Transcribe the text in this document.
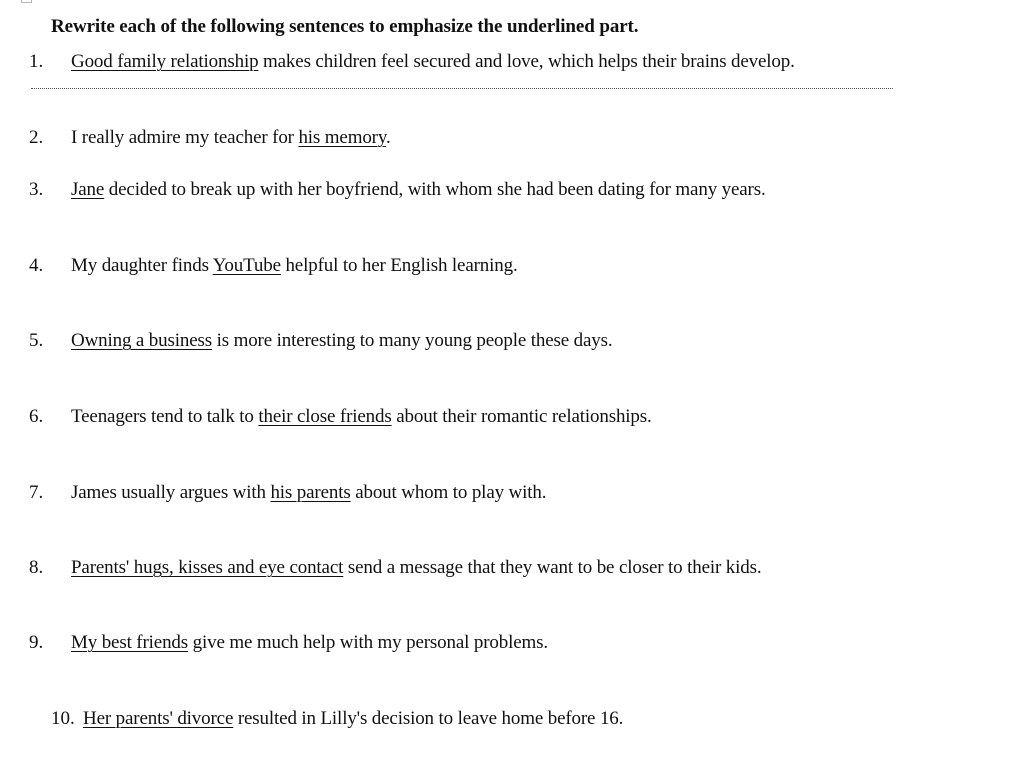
Rewrite each of the following sentences to emphasize the underlined part.
1. Good family relationship makes children feel secured and love, which helps their brains develop.
2. I really admire my teacher for his memory.
3. Jane decided to break up with her boyfriend, with whom she had been dating for many years.
4. My daughter finds YouTube helpful to her English learning.
5. Owning a business is more interesting to many young people these days.
6. Teenagers tend to talk to their close friends about their romantic relationships.
7. James usually argues with his parents about whom to play with.
8. Parents' hugs, kisses and eye contact send a message that they want to be closer to their kids.
9. My best friends give me much help with my personal problems.
10. Her parents' divorce resulted in Lilly's decision to leave home before 16.
